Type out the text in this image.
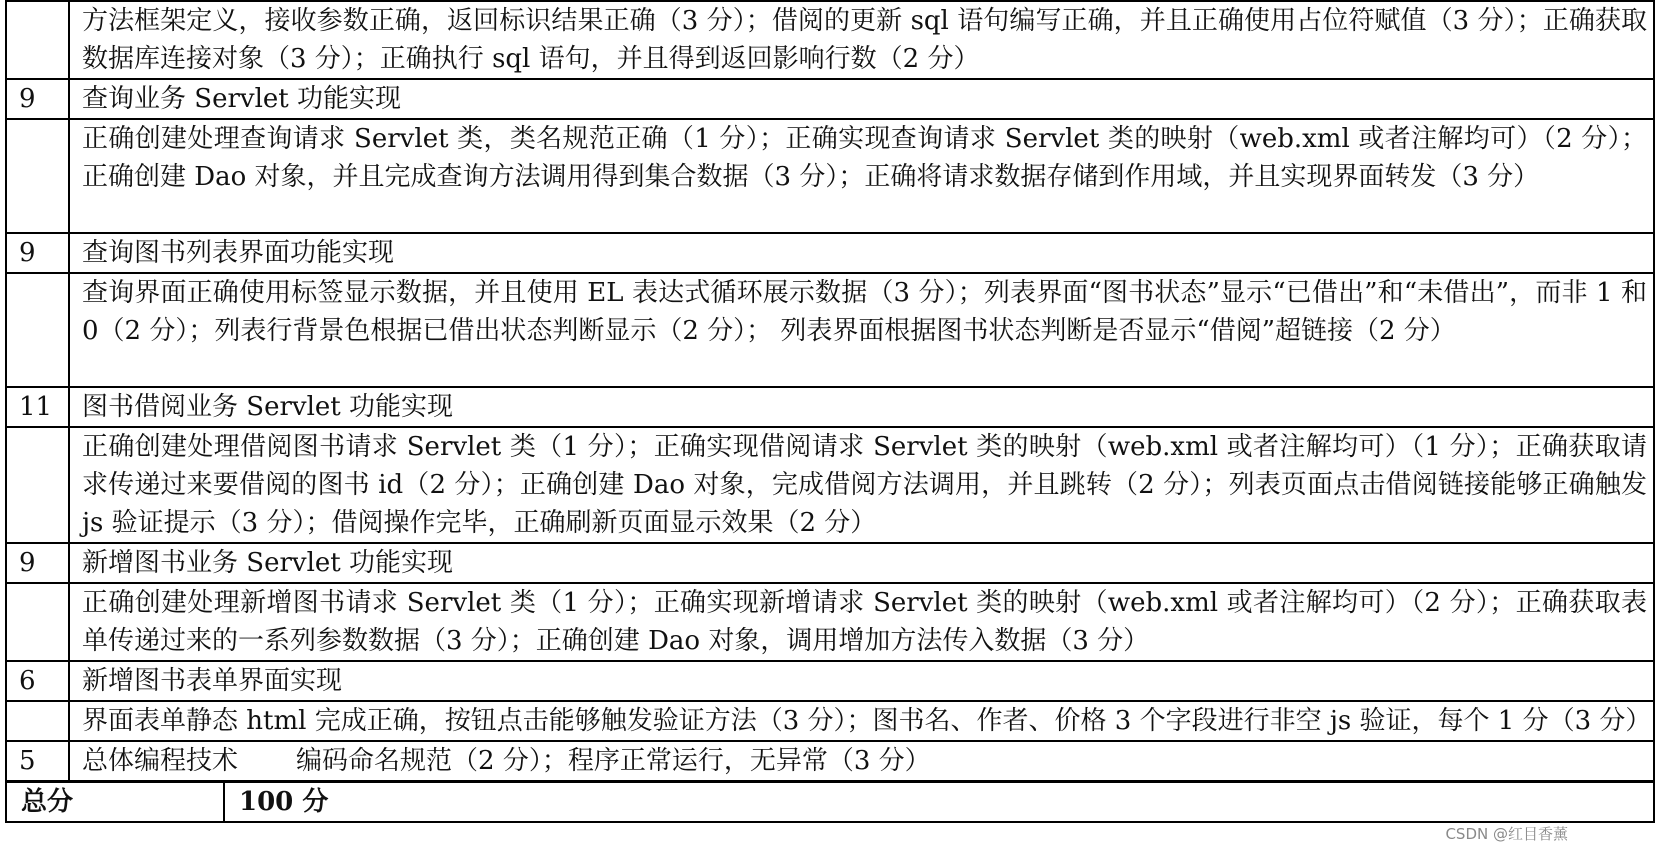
	方法框架定义，接收参数正确，返回标识结果正确（3 分）；借阅的更新 sql 语句编写正确，并且正确使用占位符赋值（3 分）；正确获取数据库连接对象（3 分）；正确执行 sql 语句，并且得到返回影响行数（2 分）
9	查询业务 Servlet 功能实现
	正确创建处理查询请求 Servlet 类，类名规范正确（1 分）；正确实现查询请求 Servlet 类的映射（web.xml 或者注解均可）（2 分）；正确创建 Dao 对象，并且完成查询方法调用得到集合数据（3 分）；正确将请求数据存储到作用域，并且实现界面转发（3 分）
9	查询图书列表界面功能实现
	查询界面正确使用标签显示数据，并且使用 EL 表达式循环展示数据（3 分）；列表界面“图书状态”显示“已借出”和“未借出”，而非 1 和 0（2 分）；列表行背景色根据已借出状态判断显示（2 分）； 列表界面根据图书状态判断是否显示“借阅”超链接（2 分）
11	图书借阅业务 Servlet 功能实现
	正确创建处理借阅图书请求 Servlet 类（1 分）；正确实现借阅请求 Servlet 类的映射（web.xml 或者注解均可）（1 分）；正确获取请求传递过来要借阅的图书 id（2 分）；正确创建 Dao 对象，完成借阅方法调用，并且跳转（2 分）；列表页面点击借阅链接能够正确触发 js 验证提示（3 分）；借阅操作完毕，正确刷新页面显示效果（2 分）
9	新增图书业务 Servlet 功能实现
	正确创建处理新增图书请求 Servlet 类（1 分）；正确实现新增请求 Servlet 类的映射（web.xml 或者注解均可）（2 分）；正确获取表单传递过来的一系列参数数据（3 分）；正确创建 Dao 对象，调用增加方法传入数据（3 分）
6	新增图书表单界面实现
	界面表单静态 html 完成正确，按钮点击能够触发验证方法（3 分）；图书名、作者、价格 3 个字段进行非空 js 验证，每个 1 分（3 分）
5	总体编程技术 编码命名规范（2 分）；程序正常运行，无异常（3 分）
总分	100 分
CSDN @红目香薰
